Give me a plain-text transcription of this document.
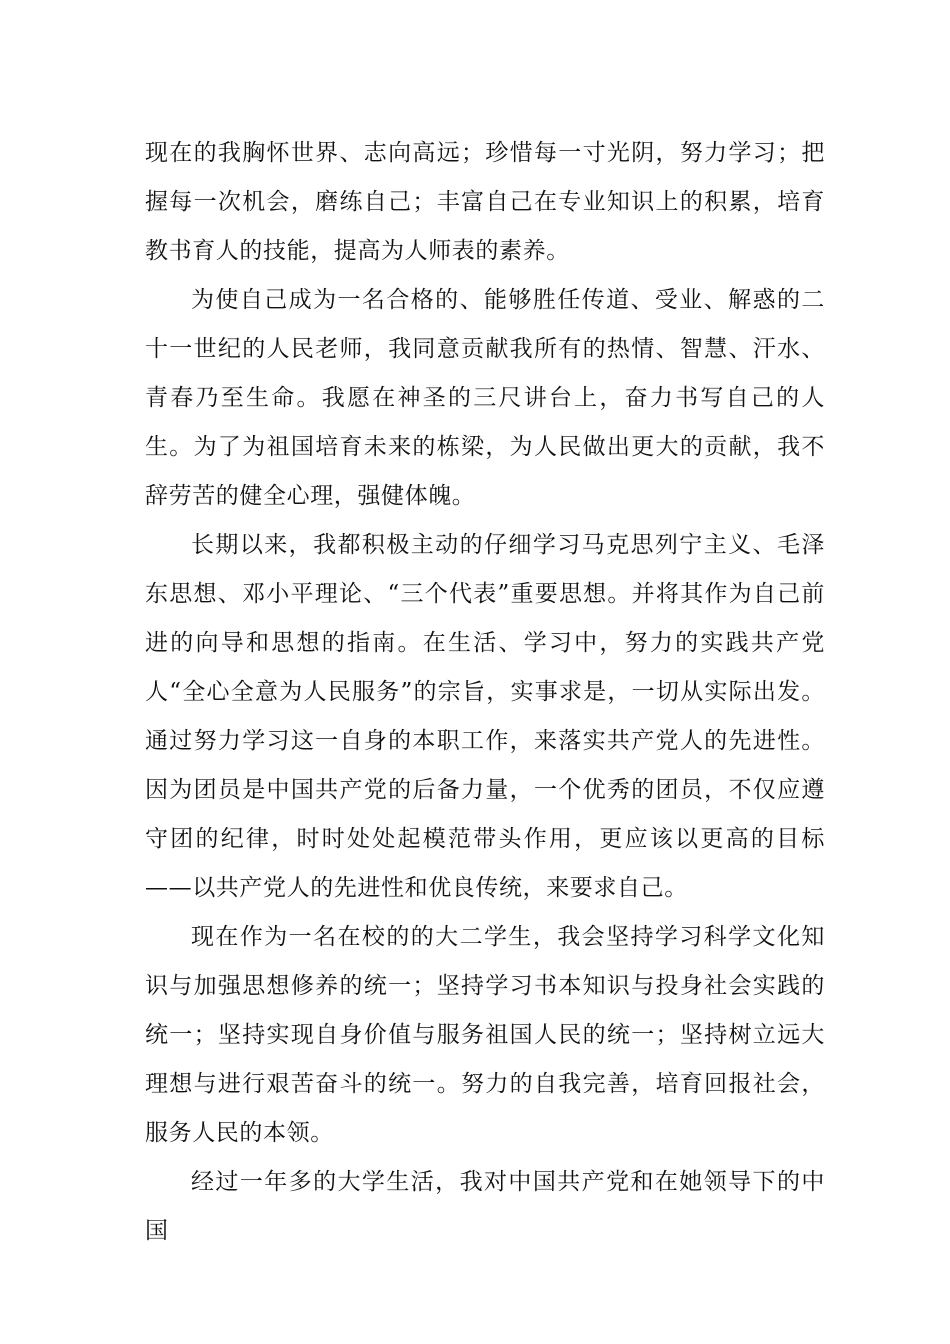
现在的我胸怀世界、志向高远；珍惜每一寸光阴，努力学习；把握每一次机会，磨练自己；丰富自己在专业知识上的积累，培育教书育人的技能，提高为人师表的素养。

为使自己成为一名合格的、能够胜任传道、受业、解惑的二十一世纪的人民老师，我同意贡献我所有的热情、智慧、汗水、青春乃至生命。我愿在神圣的三尺讲台上，奋力书写自己的人生。为了为祖国培育未来的栋梁，为人民做出更大的贡献，我不辞劳苦的健全心理，强健体魄。

长期以来，我都积极主动的仔细学习马克思列宁主义、毛泽东思想、邓小平理论、“三个代表”重要思想。并将其作为自己前进的向导和思想的指南。在生活、学习中，努力的实践共产党人“全心全意为人民服务”的宗旨，实事求是，一切从实际出发。通过努力学习这一自身的本职工作，来落实共产党人的先进性。因为团员是中国共产党的后备力量，一个优秀的团员，不仅应遵守团的纪律，时时处处起模范带头作用，更应该以更高的目标——以共产党人的先进性和优良传统，来要求自己。

现在作为一名在校的的大二学生，我会坚持学习科学文化知识与加强思想修养的统一；坚持学习书本知识与投身社会实践的统一；坚持实现自身价值与服务祖国人民的统一；坚持树立远大理想与进行艰苦奋斗的统一。努力的自我完善，培育回报社会，服务人民的本领。

经过一年多的大学生活，我对中国共产党和在她领导下的中国
